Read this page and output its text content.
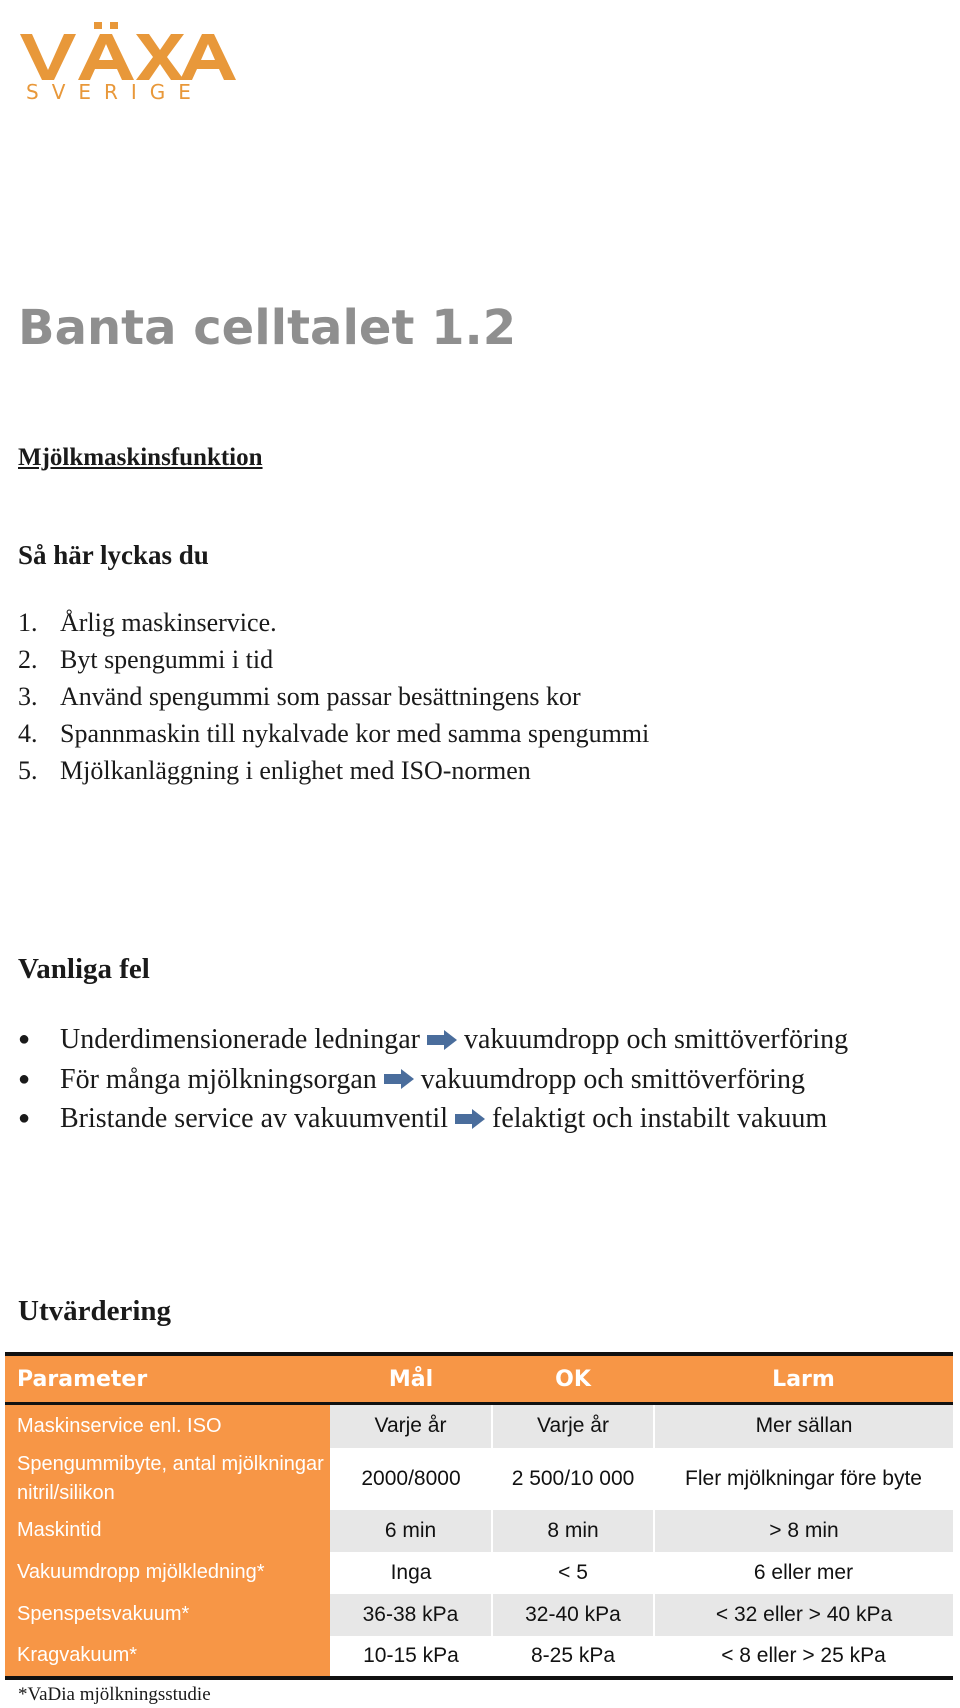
SVERIGE
Banta celltalet 1.2
Mjölkmaskinsfunktion
Så här lyckas du
1. Årlig maskinservice.
2. Byt spengummi i tid
3. Använd spengummi som passar besättningens kor
4. Spannmaskin till nykalvade kor med samma spengummi
5. Mjölkanläggning i enlighet med ISO-normen
Vanliga fel
●	Underdimensionerade ledningar vakuumdropp och smittöverföring
●	För många mjölkningsorgan vakuumdropp och smittöverföring
●	Bristande service av vakuumventil felaktigt och instabilt vakuum
Utvärdering
Parameter	Mål	OK	Larm
Maskinservice enl. ISO	Varje år	Varje år	Mer sällan
Spengummibyte, antal mjölkningar nitril/silikon	2000/8000	2 500/10 000	Fler mjölkningar före byte
Maskintid	6 min	8 min	> 8 min
Vakuumdropp mjölkledning*	Inga	< 5	6 eller mer
Spenspetsvakuum*	36-38 kPa	32-40 kPa	< 32 eller > 40 kPa
Kragvakuum*	10-15 kPa	8-25 kPa	< 8 eller > 25 kPa
*VaDia mjölkningsstudie
